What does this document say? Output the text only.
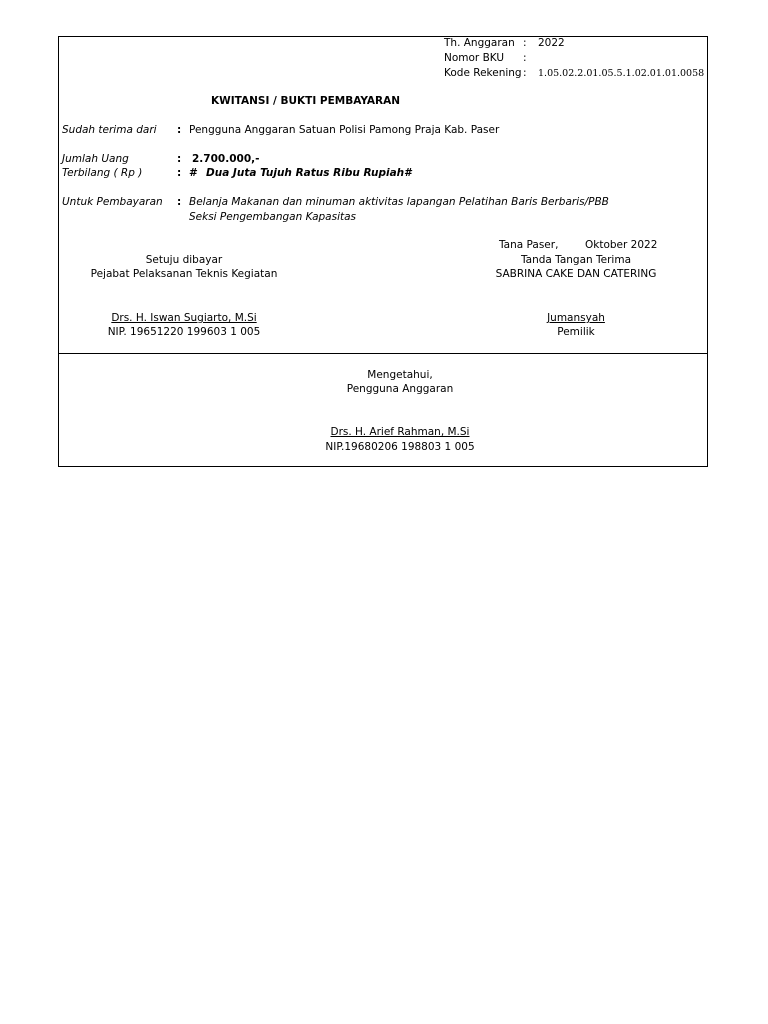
Th. Anggaran : 2022
Nomor BKU :
Kode Rekening : 1.05.02.2.01.05.5.1.02.01.01.0058
KWITANSI / BUKTI PEMBAYARAN
Sudah terima dari : Pengguna Anggaran Satuan Polisi Pamong Praja Kab. Paser
Jumlah Uang	: 2.700.000,-
Terbilang ( Rp )	: # Dua Juta Tujuh Ratus Ribu Rupiah#
Untuk Pembayaran : Belanja Makanan dan minuman aktivitas lapangan Pelatihan Baris Berbaris/PBB
Seksi Pengembangan Kapasitas
Tana Paser,	Oktober 2022
Setuju dibayar
Pejabat Pelaksanan Teknis Kegiatan
Drs. H. Iswan Sugiarto, M.Si
NIP. 19651220 199603 1 005
Tanda Tangan Terima
SABRINA CAKE DAN CATERING
Jumansyah
Pemilik
Mengetahui,
Pengguna Anggaran
Drs. H. Arief Rahman, M.Si
NIP.19680206 198803 1 005
